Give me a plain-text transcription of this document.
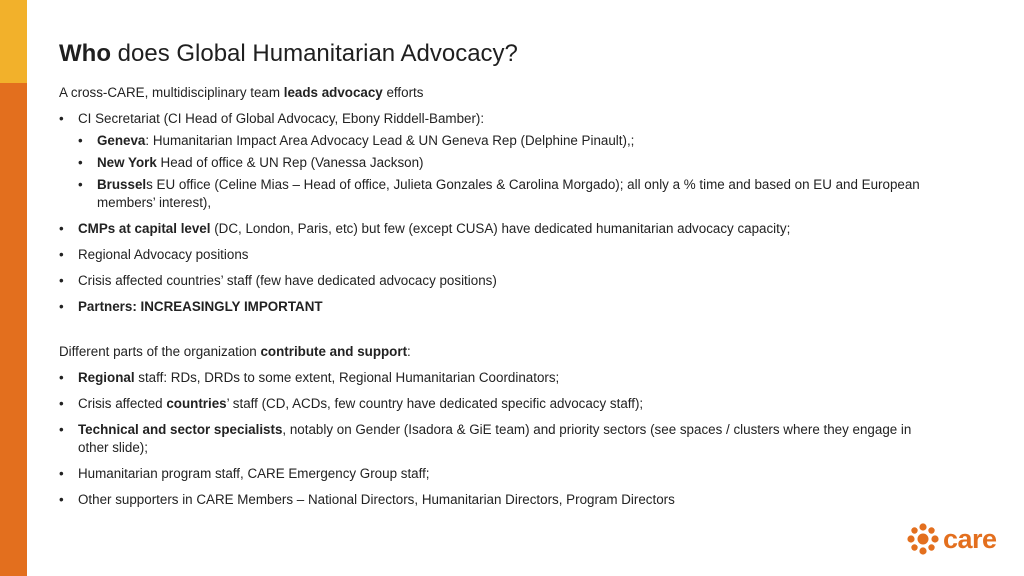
Who does Global Humanitarian Advocacy?
A cross-CARE, multidisciplinary team leads advocacy efforts
•	CI Secretariat (CI Head of Global Advocacy, Ebony Riddell-Bamber):
•	Geneva: Humanitarian Impact Area Advocacy Lead & UN Geneva Rep (Delphine Pinault),;
•	New York Head of office & UN Rep (Vanessa Jackson)
•	Brussels EU office (Celine Mias – Head of office, Julieta Gonzales & Carolina Morgado); all only a % time and based on EU and European members’ interest),
•	CMPs at capital level (DC, London, Paris, etc) but few (except CUSA) have dedicated humanitarian advocacy capacity;
•	Regional Advocacy positions
•	Crisis affected countries’ staff (few have dedicated advocacy positions)
•	Partners: INCREASINGLY IMPORTANT
Different parts of the organization contribute and support:
•	Regional staff: RDs, DRDs to some extent, Regional Humanitarian Coordinators;
•	Crisis affected countries’ staff (CD, ACDs, few country have dedicated specific advocacy staff);
•	Technical and sector specialists, notably on Gender (Isadora & GiE team) and priority sectors (see spaces / clusters where they engage in other slide);
•	Humanitarian program staff, CARE Emergency Group staff;
•	Other supporters in CARE Members – National Directors, Humanitarian Directors, Program Directors
care
